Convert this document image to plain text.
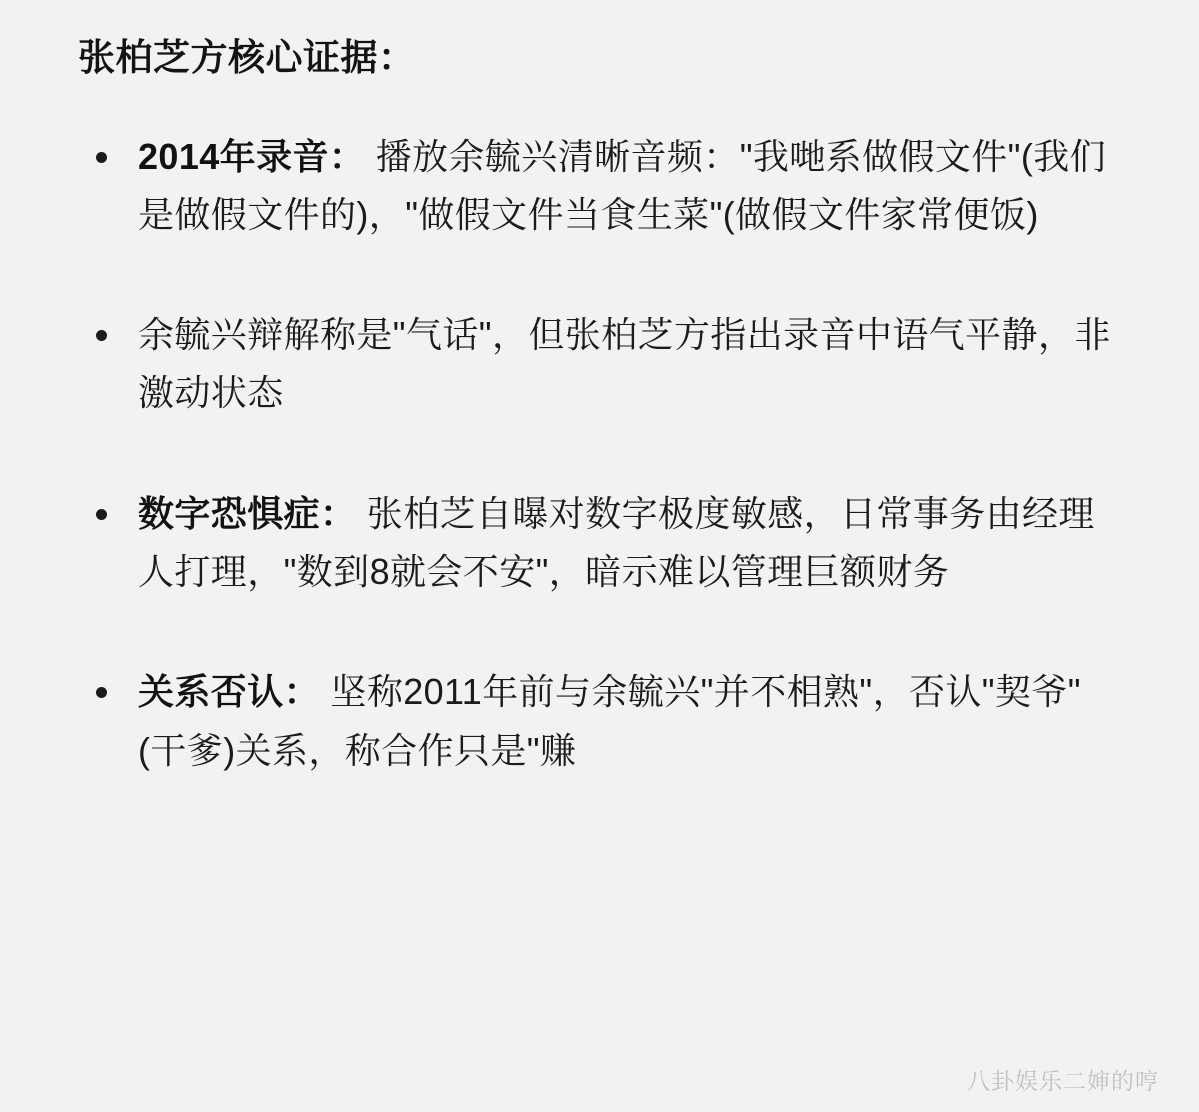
张柏芝方核心证据：
2014年录音： 播放余毓兴清晰音频："我哋系做假文件"(我们是做假文件的)，"做假文件当食生菜"(做假文件家常便饭)
余毓兴辩解称是"气话"，但张柏芝方指出录音中语气平静，非激动状态
数字恐惧症： 张柏芝自曝对数字极度敏感，日常事务由经理人打理，"数到8就会不安"，暗示难以管理巨额财务
关系否认： 坚称2011年前与余毓兴"并不相熟"，否认"契爷"(干爹)关系，称合作只是"赚
八卦娱乐二婶的哼
